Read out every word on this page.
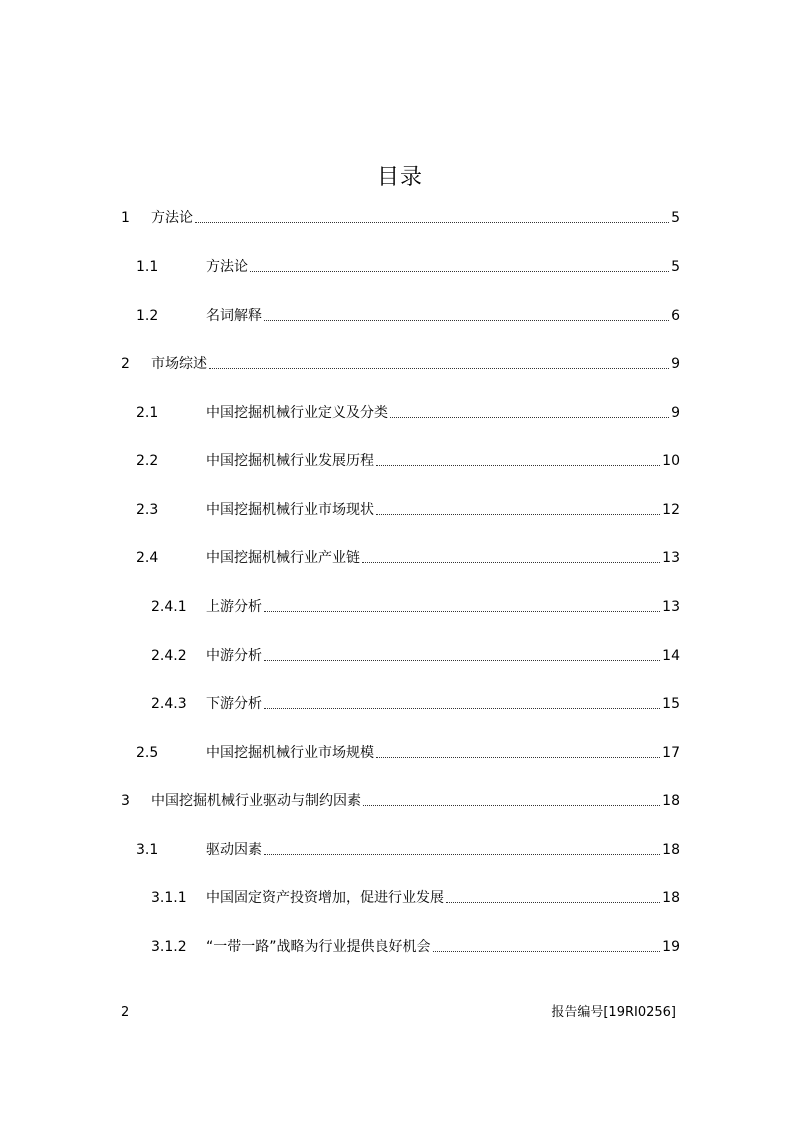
目录
1	方法论	5
1.1	方法论	5
1.2	名词解释	6
2	市场综述	9
2.1	中国挖掘机械行业定义及分类	9
2.2	中国挖掘机械行业发展历程	10
2.3	中国挖掘机械行业市场现状	12
2.4	中国挖掘机械行业产业链	13
2.4.1	上游分析	13
2.4.2	中游分析	14
2.4.3	下游分析	15
2.5	中国挖掘机械行业市场规模	17
3	中国挖掘机械行业驱动与制约因素	18
3.1	驱动因素	18
3.1.1	中国固定资产投资增加，促进行业发展	18
3.1.2	“一带一路”战略为行业提供良好机会	19
2	报告编号[19RI0256]
